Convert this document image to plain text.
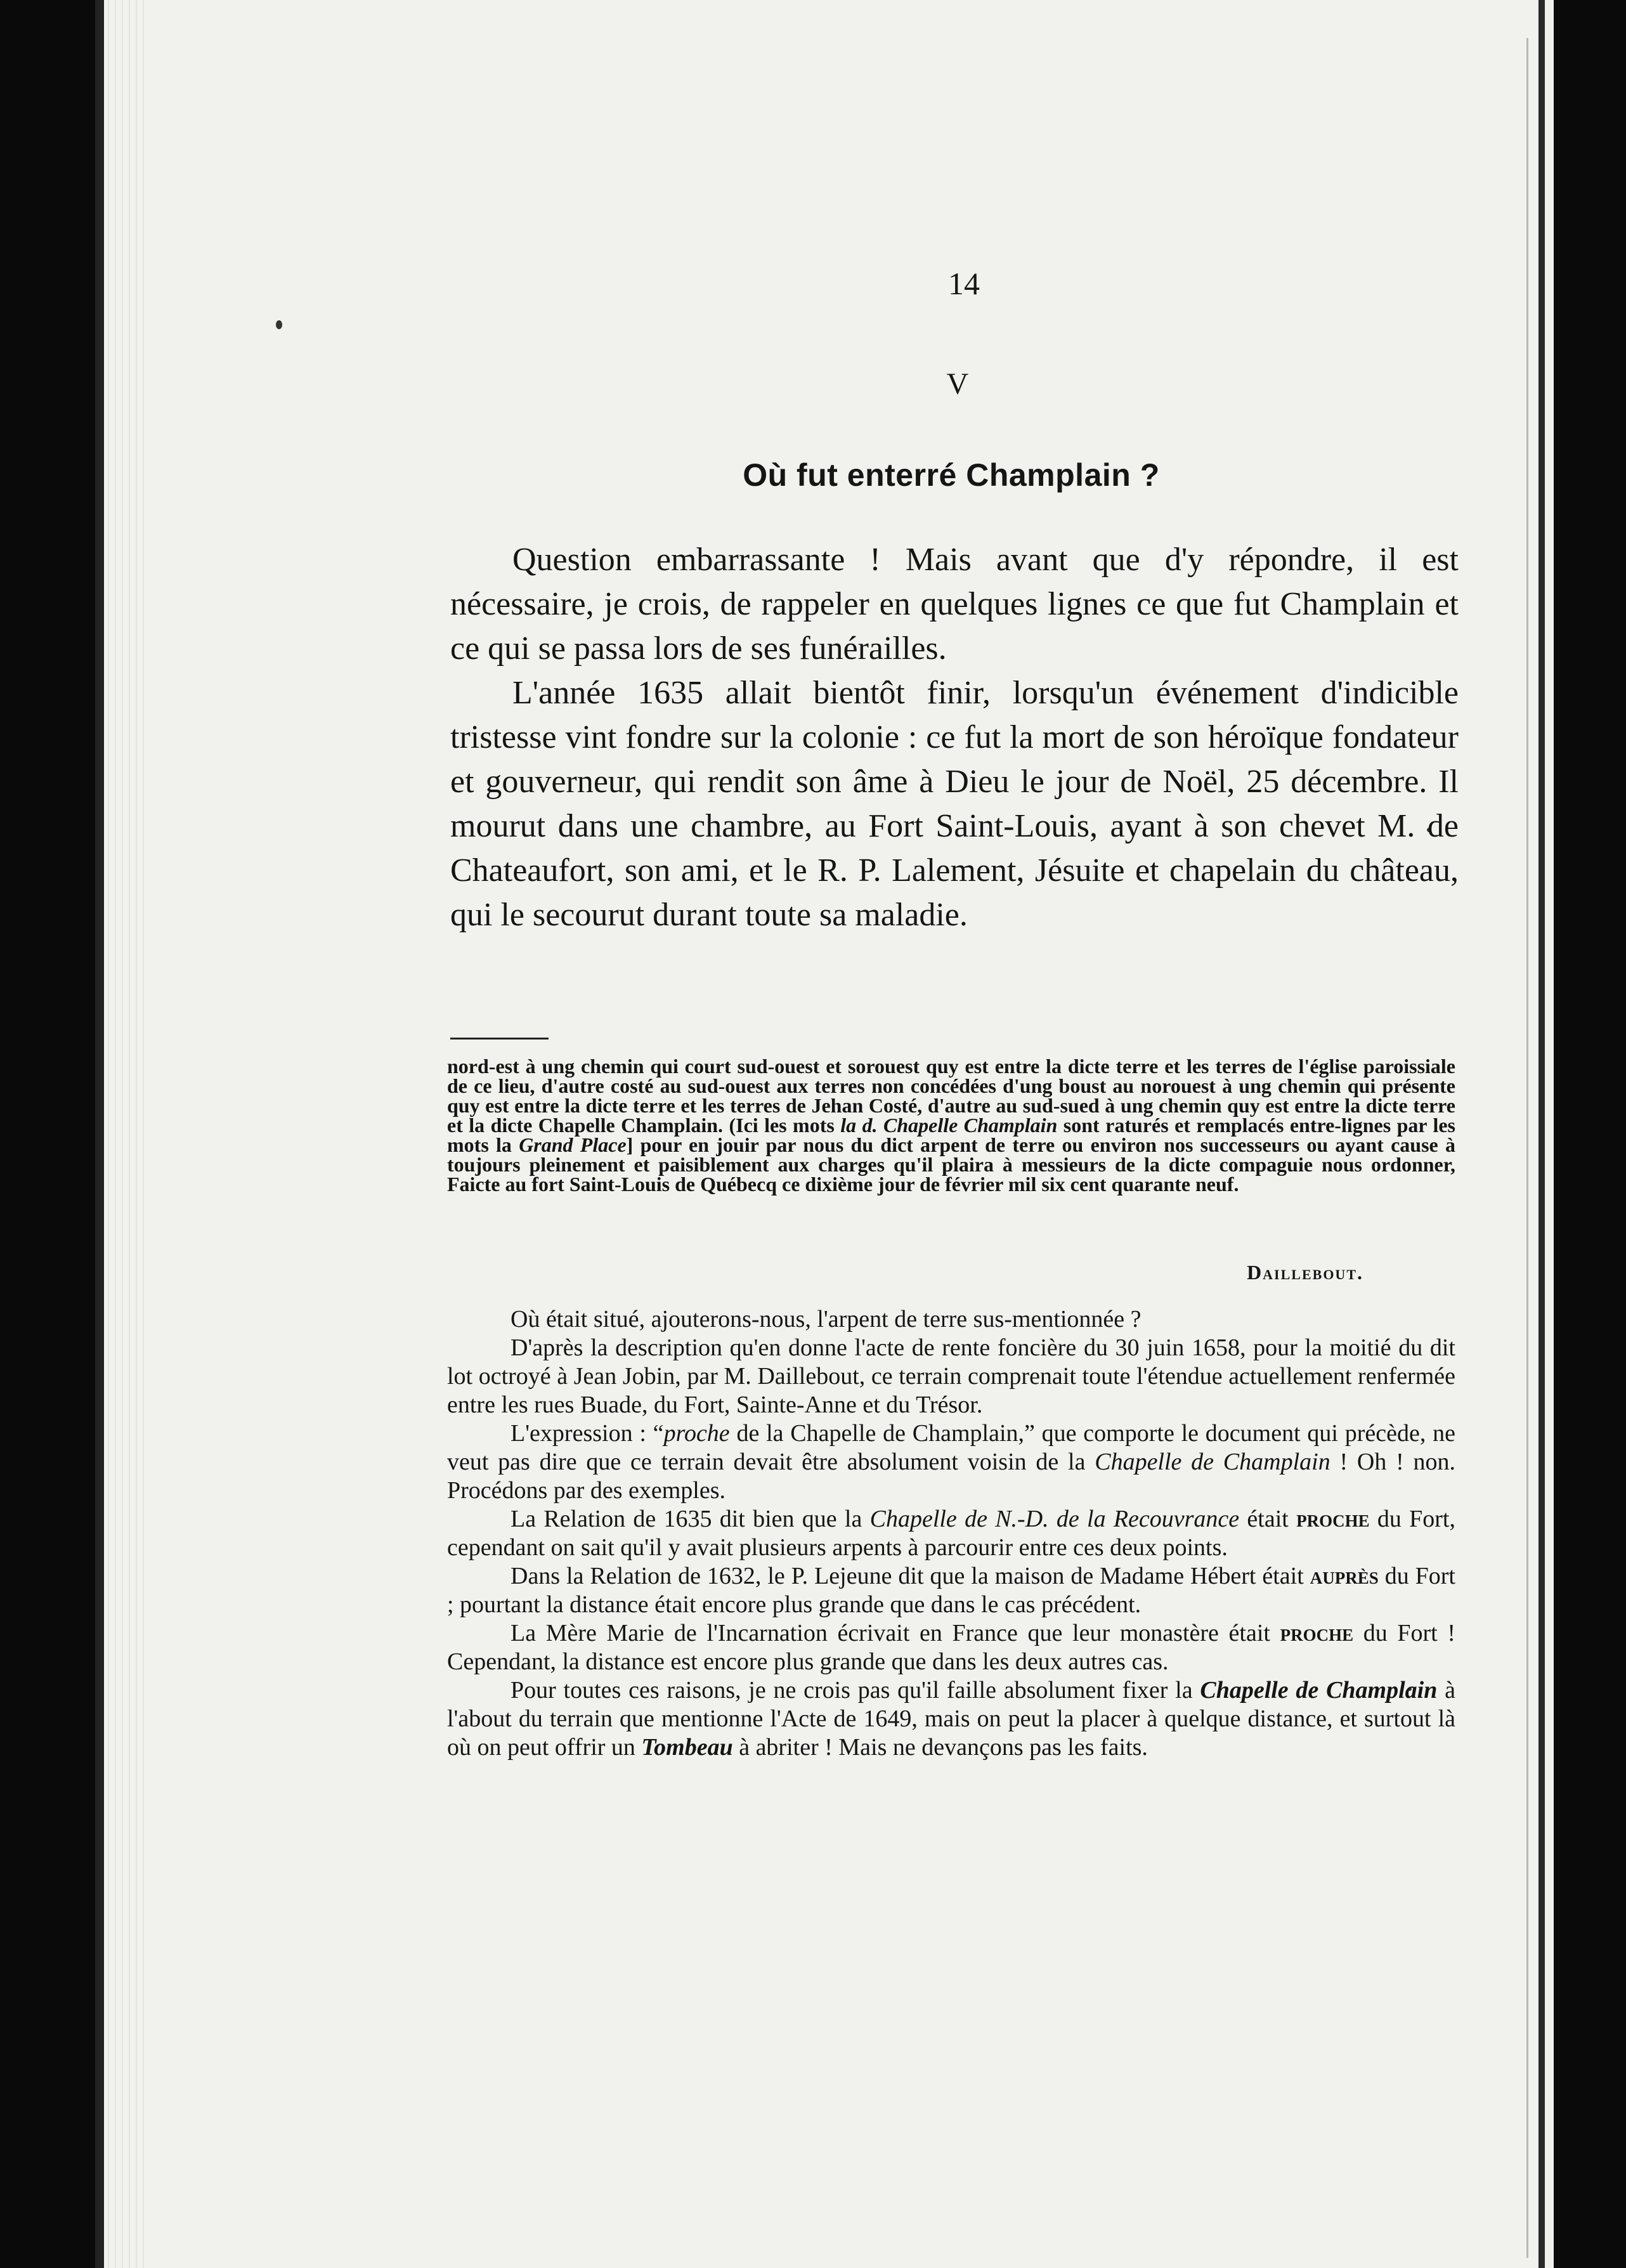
14
V
Où fut enterré Champlain ?

Question embarrassante ! Mais avant que d'y répondre, il est nécessaire, je crois, de rappeler en quelques lignes ce que fut Champlain et ce qui se passa lors de ses funérailles.

L'année 1635 allait bientôt finir, lorsqu'un événement d'indicible tristesse vint fondre sur la colonie : ce fut la mort de son héroïque fondateur et gouverneur, qui rendit son âme à Dieu le jour de Noël, 25 décembre. Il mourut dans une chambre, au Fort Saint-Louis, ayant à son chevet M. de Chateaufort, son ami, et le R. P. Lalement, Jésuite et chapelain du château, qui le secourut durant toute sa maladie.

nord-est à ung chemin qui court sud-ouest et sorouest quy est entre la dicte terre et les terres de l'église paroissiale de ce lieu, d'autre costé au sud-ouest aux terres non concédées d'ung boust au norouest à ung chemin qui présente quy est entre la dicte terre et les terres de Jehan Costé, d'autre au sud-sued à ung chemin quy est entre la dicte terre et la dicte Chapelle Champlain. (Ici les mots la d. Chapelle Champlain sont raturés et remplacés entre-lignes par les mots la Grand Place] pour en jouir par nous du dict arpent de terre ou environ nos successeurs ou ayant cause à toujours pleinement et paisiblement aux charges qu'il plaira à messieurs de la dicte compaguie nous ordonner, Faicte au fort Saint-Louis de Québecq ce dixième jour de février mil six cent quarante neuf.
Daillebout.

Où était situé, ajouterons-nous, l'arpent de terre sus-mentionnée ?

D'après la description qu'en donne l'acte de rente foncière du 30 juin 1658, pour la moitié du dit lot octroyé à Jean Jobin, par M. Daillebout, ce terrain comprenait toute l'étendue actuellement renfermée entre les rues Buade, du Fort, Sainte-Anne et du Trésor.

L'expression : “proche de la Chapelle de Champlain,” que comporte le document qui précède, ne veut pas dire que ce terrain devait être absolument voisin de la Chapelle de Champlain ! Oh ! non. Procédons par des exemples.

La Relation de 1635 dit bien que la Chapelle de N.-D. de la Recouvrance était proche du Fort, cependant on sait qu'il y avait plusieurs arpents à parcourir entre ces deux points.

Dans la Relation de 1632, le P. Lejeune dit que la maison de Madame Hébert était auprès du Fort ; pourtant la distance était encore plus grande que dans le cas précédent.

La Mère Marie de l'Incarnation écrivait en France que leur monastère était proche du Fort ! Cependant, la distance est encore plus grande que dans les deux autres cas.

Pour toutes ces raisons, je ne crois pas qu'il faille absolument fixer la Chapelle de Champlain à l'about du terrain que mentionne l'Acte de 1649, mais on peut la placer à quelque distance, et surtout là où on peut offrir un Tombeau à abriter ! Mais ne devançons pas les faits.
